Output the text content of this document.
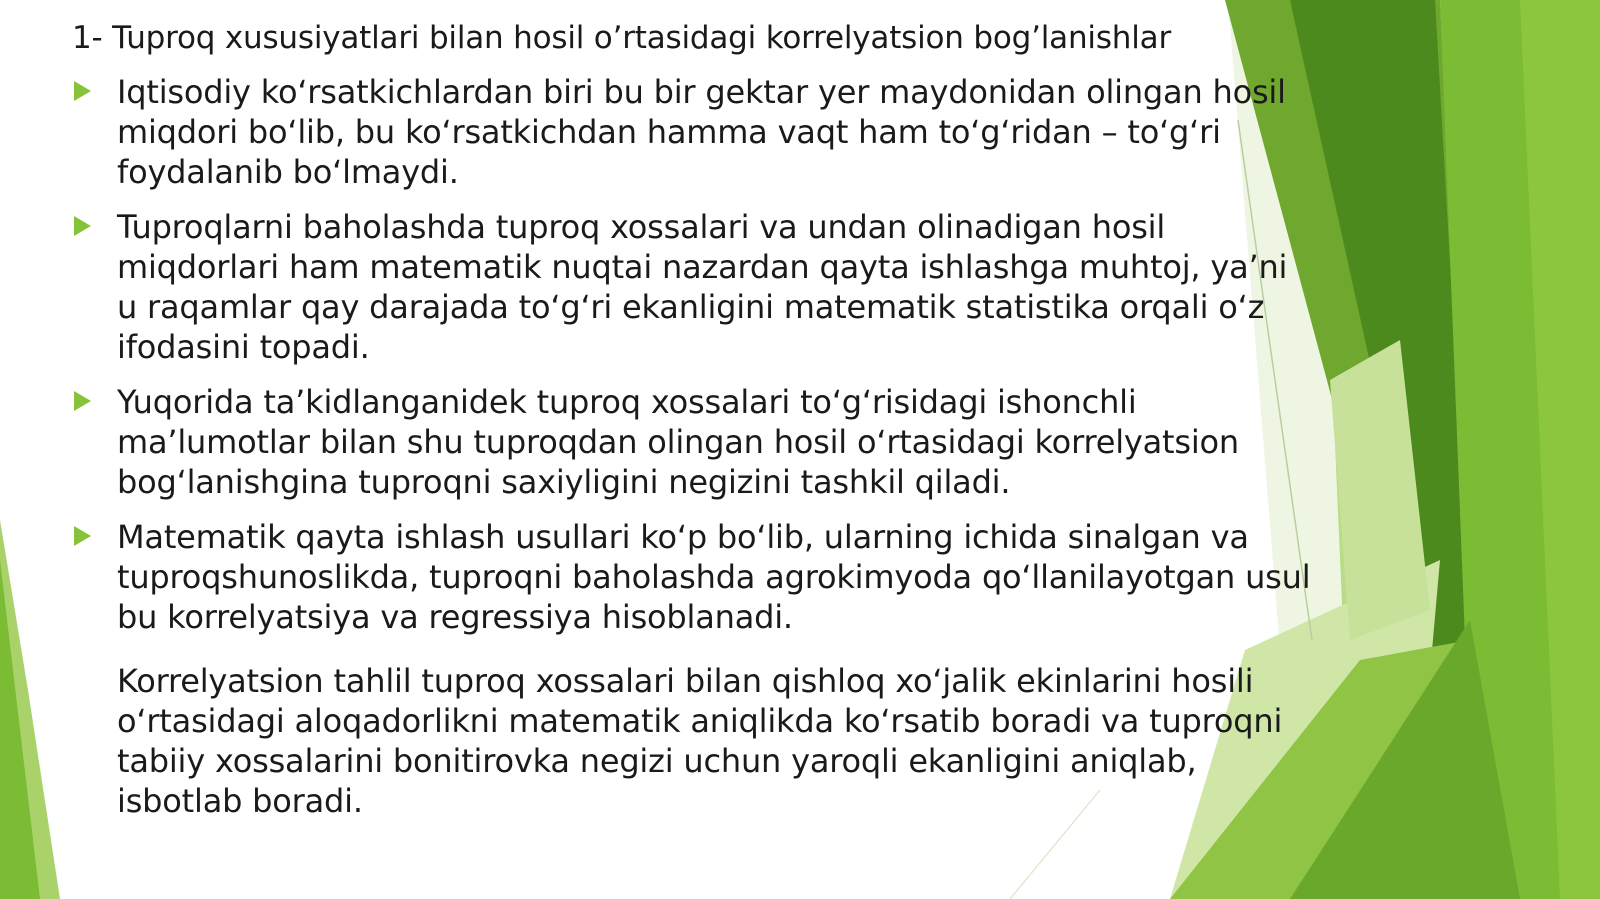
1- Tuproq xususiyatlari bilan hosil o’rtasidagi korrelyatsion bog’lanishlar
Iqtisodiy ko‘rsatkichlardan biri bu bir gektar yer maydonidan olingan hosil miqdori bo‘lib, bu ko‘rsatkichdan hamma vaqt ham to‘g‘ridan – to‘g‘ri foydalanib bo‘lmaydi.
Tuproqlarni baholashda tuproq xossalari va undan olinadigan hosil miqdorlari ham matematik nuqtai nazardan qayta ishlashga muhtoj, ya’ni u raqamlar qay darajada to‘g‘ri ekanligini matematik statistika orqali o‘z ifodasini topadi.
Yuqorida ta’kidlanganidek tuproq xossalari to‘g‘risidagi ishonchli ma’lumotlar bilan shu tuproqdan olingan hosil o‘rtasidagi korrelyatsion bog‘lanishgina tuproqni saxiyligini negizini tashkil qiladi.
Matematik qayta ishlash usullari ko‘p bo‘lib, ularning ichida sinalgan va tuproqshunoslikda, tuproqni baholashda agrokimyoda qo‘llanilayotgan usul bu korrelyatsiya va regressiya hisoblanadi.
Korrelyatsion tahlil tuproq xossalari bilan qishloq xo‘jalik ekinlarini hosili o‘rtasidagi aloqadorlikni matematik aniqlikda ko‘rsatib boradi va tuproqni tabiiy xossalarini bonitirovka negizi uchun yaroqli ekanligini aniqlab, isbotlab boradi.
